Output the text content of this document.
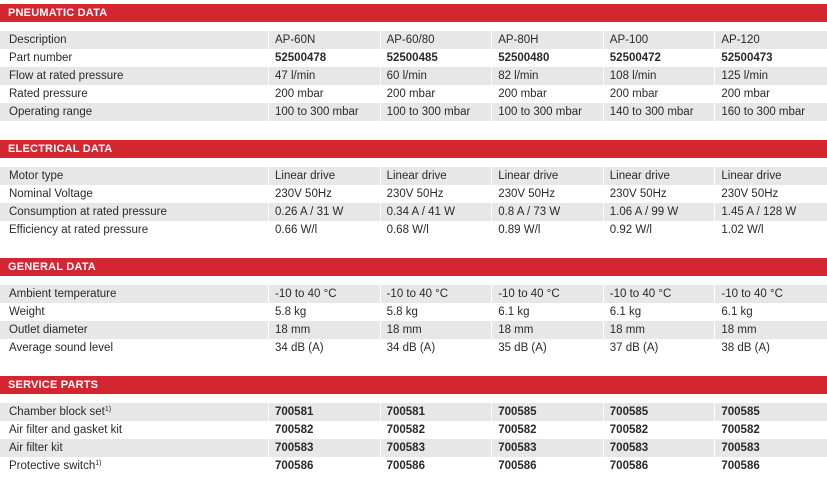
PNEUMATIC DATA
Description	AP-60N	AP-60/80	AP-80H	AP-100	AP-120
Part number	52500478	52500485	52500480	52500472	52500473
Flow at rated pressure	47 l/min	60 l/min	82 l/min	108 l/min	125 l/min
Rated pressure	200 mbar	200 mbar	200 mbar	200 mbar	200 mbar
Operating range	100 to 300 mbar	100 to 300 mbar	100 to 300 mbar	140 to 300 mbar	160 to 300 mbar
ELECTRICAL DATA
Motor type	Linear drive	Linear drive	Linear drive	Linear drive	Linear drive
Nominal Voltage	230V 50Hz	230V 50Hz	230V 50Hz	230V 50Hz	230V 50Hz
Consumption at rated pressure	0.26 A / 31 W	0.34 A / 41 W	0.8 A / 73 W	1.06 A / 99 W	1.45 A / 128 W
Efficiency at rated pressure	0.66 W/l	0.68 W/l	0.89 W/l	0.92 W/l	1.02 W/l
GENERAL DATA
Ambient temperature	-10 to 40 °C	-10 to 40 °C	-10 to 40 °C	-10 to 40 °C	-10 to 40 °C
Weight	5.8 kg	5.8 kg	6.1 kg	6.1 kg	6.1 kg
Outlet diameter	18 mm	18 mm	18 mm	18 mm	18 mm
Average sound level	34 dB (A)	34 dB (A)	35 dB (A)	37 dB (A)	38 dB (A)
SERVICE PARTS
Chamber block set$^{1)}$	700581	700581	700585	700585	700585
Air filter and gasket kit	700582	700582	700582	700582	700582
Air filter kit	700583	700583	700583	700583	700583
Protective switch$^{1)}$	700586	700586	700586	700586	700586
